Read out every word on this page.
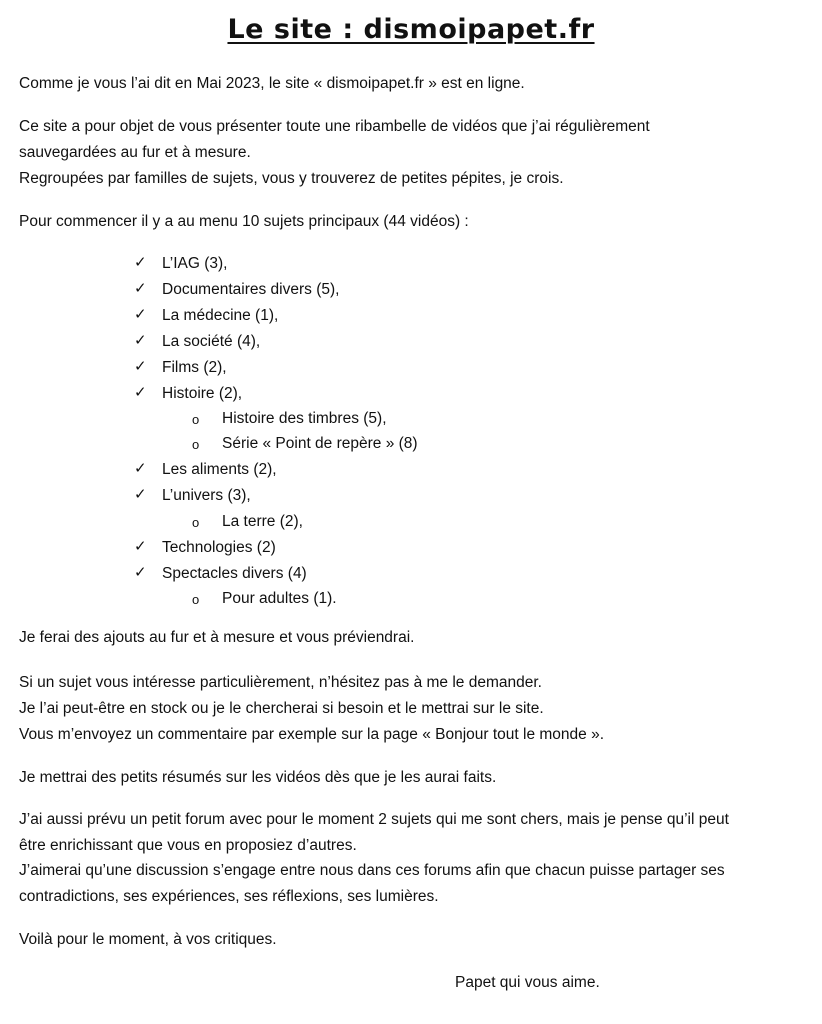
Le site : dismoipapet.fr
Comme je vous l’ai dit en Mai 2023, le site « dismoipapet.fr » est en ligne.
Ce site a pour objet de vous présenter toute une ribambelle de vidéos que j’ai régulièrement
sauvegardées au fur et à mesure.
Regroupées par familles de sujets, vous y trouverez de petites pépites, je crois.
Pour commencer il y a au menu 10 sujets principaux (44 vidéos) :
✓ L’IAG (3),
✓ Documentaires divers (5),
✓ La médecine (1),
✓ La société (4),
✓ Films (2),
✓ Histoire (2),
o Histoire des timbres (5),
o Série « Point de repère » (8)
✓ Les aliments (2),
✓ L’univers (3),
o La terre (2),
✓ Technologies (2)
✓ Spectacles divers (4)
o Pour adultes (1).
Je ferai des ajouts au fur et à mesure et vous préviendrai.
Si un sujet vous intéresse particulièrement, n’hésitez pas à me le demander.
Je l’ai peut-être en stock ou je le chercherai si besoin et le mettrai sur le site.
Vous m’envoyez un commentaire par exemple sur la page « Bonjour tout le monde ».
Je mettrai des petits résumés sur les vidéos dès que je les aurai faits.
J’ai aussi prévu un petit forum avec pour le moment 2 sujets qui me sont chers, mais je pense qu’il peut
être enrichissant que vous en proposiez d’autres.
J’aimerai qu’une discussion s’engage entre nous dans ces forums afin que chacun puisse partager ses
contradictions, ses expériences, ses réflexions, ses lumières.
Voilà pour le moment, à vos critiques.
Papet qui vous aime.
